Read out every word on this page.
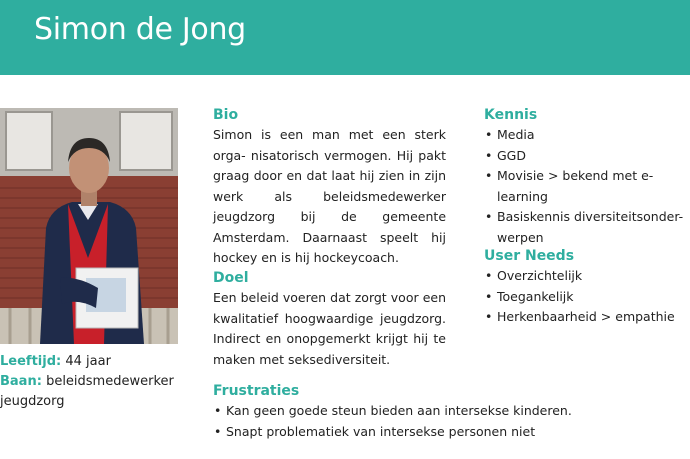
Simon de Jong
Leeftijd: 44 jaar
Baan: beleidsmedewerker jeugdzorg
Bio

Simon is een man met een sterk orga- nisatorisch vermogen. Hij pakt graag door en dat laat hij zien in zijn werk als beleidsmedewerker jeugdzorg bij de gemeente Amsterdam. Daarnaast speelt hij hockey en is hij hockeycoach.

Doel

Een beleid voeren dat zorgt voor een kwalitatief hoogwaardige jeugdzorg. Indirect en onopgemerkt krijgt hij te maken met seksediversiteit.

Frustraties
• Kan geen goede steun bieden aan intersekse kinderen.
• Snapt problematiek van intersekse personen niet
Kennis
• Media
• GGD
• Movisie > bekend met e-learning
• Basiskennis diversiteitsonder-werpen
User Needs
• Overzichtelijk
• Toegankelijk
• Herkenbaarheid > empathie
